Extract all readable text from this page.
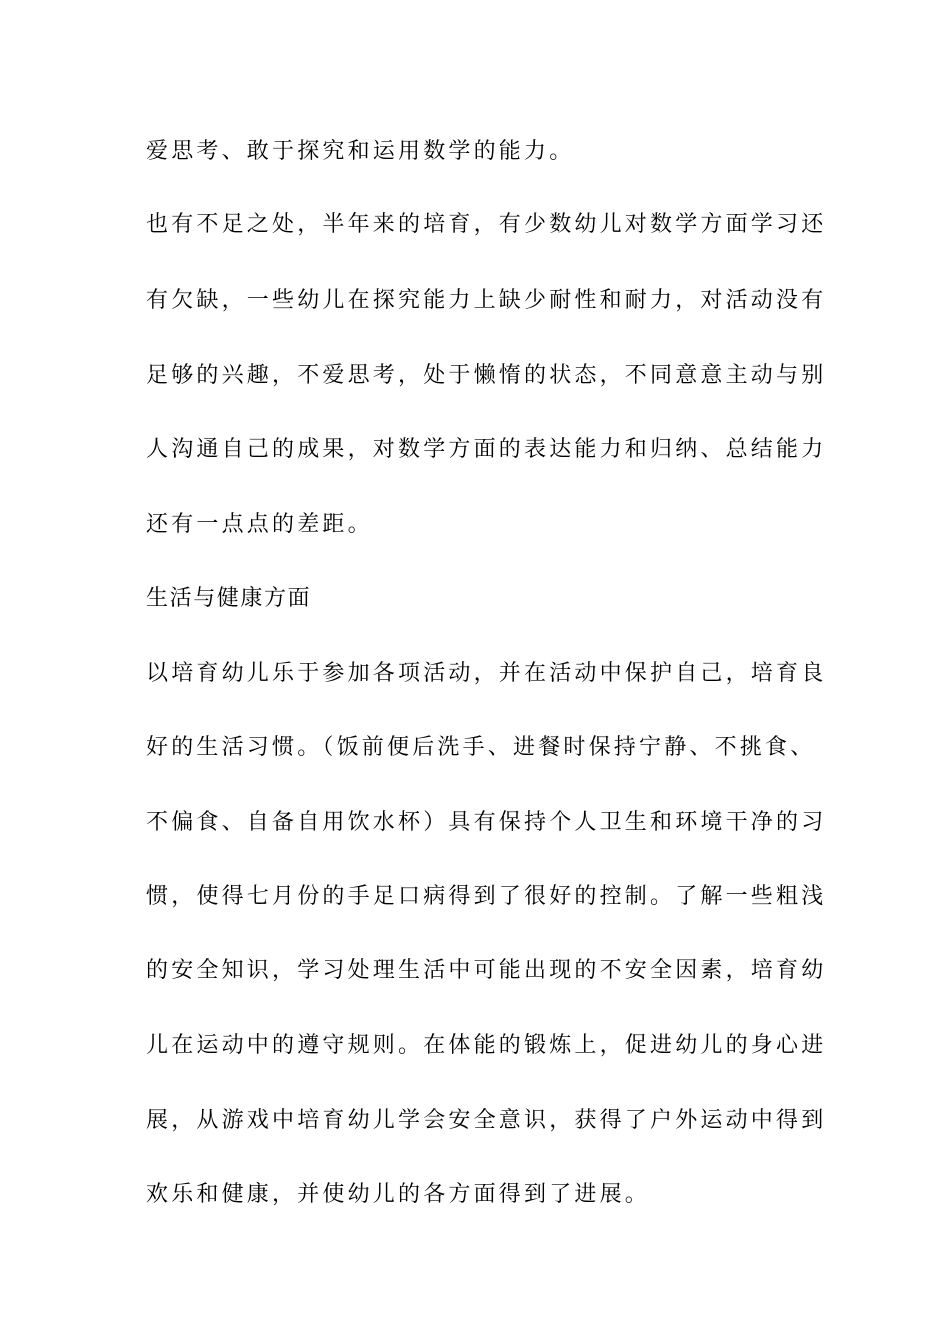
爱思考、敢于探究和运用数学的能力。
也有不足之处，半年来的培育，有少数幼儿对数学方面学习还
有欠缺，一些幼儿在探究能力上缺少耐性和耐力，对活动没有
足够的兴趣，不爱思考，处于懒惰的状态，不同意意主动与别
人沟通自己的成果，对数学方面的表达能力和归纳、总结能力
还有一点点的差距。
生活与健康方面
以培育幼儿乐于参加各项活动，并在活动中保护自己，培育良
好的生活习惯。（饭前便后洗手、进餐时保持宁静、不挑食、
不偏食、自备自用饮水杯）具有保持个人卫生和环境干净的习
惯，使得七月份的手足口病得到了很好的控制。了解一些粗浅
的安全知识，学习处理生活中可能出现的不安全因素，培育幼
儿在运动中的遵守规则。在体能的锻炼上，促进幼儿的身心进
展，从游戏中培育幼儿学会安全意识，获得了户外运动中得到
欢乐和健康，并使幼儿的各方面得到了进展。
